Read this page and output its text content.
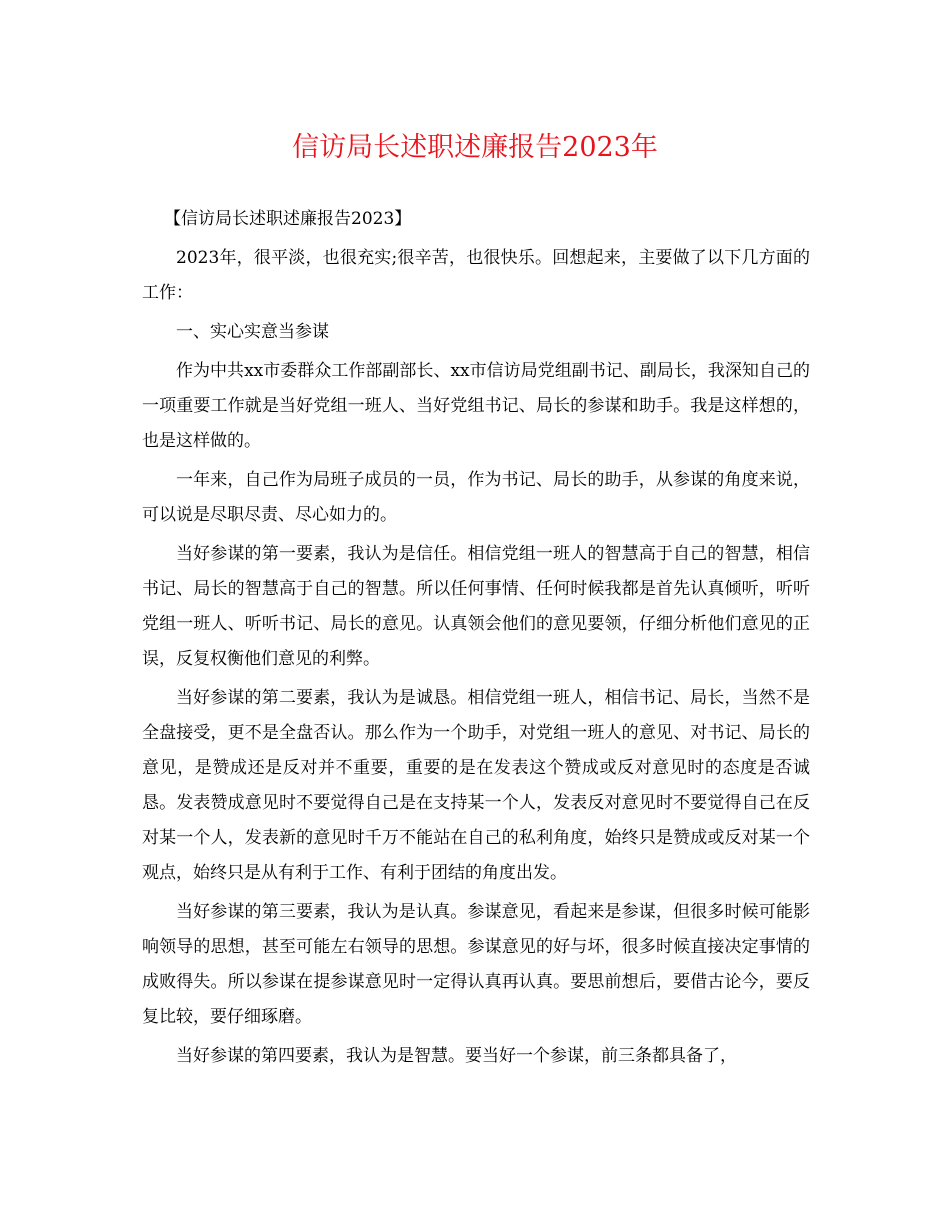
信访局长述职述廉报告2023年

【信访局长述职述廉报告2023】

2023年，很平淡，也很充实;很辛苦，也很快乐。回想起来，主要做了以下几方面的工作：

一、实心实意当参谋

作为中共xx市委群众工作部副部长、xx市信访局党组副书记、副局长，我深知自己的一项重要工作就是当好党组一班人、当好党组书记、局长的参谋和助手。我是这样想的，也是这样做的。

一年来，自己作为局班子成员的一员，作为书记、局长的助手，从参谋的角度来说，可以说是尽职尽责、尽心如力的。

当好参谋的第一要素，我认为是信任。相信党组一班人的智慧高于自己的智慧，相信书记、局长的智慧高于自己的智慧。所以任何事情、任何时候我都是首先认真倾听，听听党组一班人、听听书记、局长的意见。认真领会他们的意见要领，仔细分析他们意见的正误，反复权衡他们意见的利弊。

当好参谋的第二要素，我认为是诚恳。相信党组一班人，相信书记、局长，当然不是全盘接受，更不是全盘否认。那么作为一个助手，对党组一班人的意见、对书记、局长的意见，是赞成还是反对并不重要，重要的是在发表这个赞成或反对意见时的态度是否诚恳。发表赞成意见时不要觉得自己是在支持某一个人，发表反对意见时不要觉得自己在反对某一个人，发表新的意见时千万不能站在自己的私利角度，始终只是赞成或反对某一个观点，始终只是从有利于工作、有利于团结的角度出发。

当好参谋的第三要素，我认为是认真。参谋意见，看起来是参谋，但很多时候可能影响领导的思想，甚至可能左右领导的思想。参谋意见的好与坏，很多时候直接决定事情的成败得失。所以参谋在提参谋意见时一定得认真再认真。要思前想后，要借古论今，要反复比较，要仔细琢磨。

当好参谋的第四要素，我认为是智慧。要当好一个参谋，前三条都具备了，
